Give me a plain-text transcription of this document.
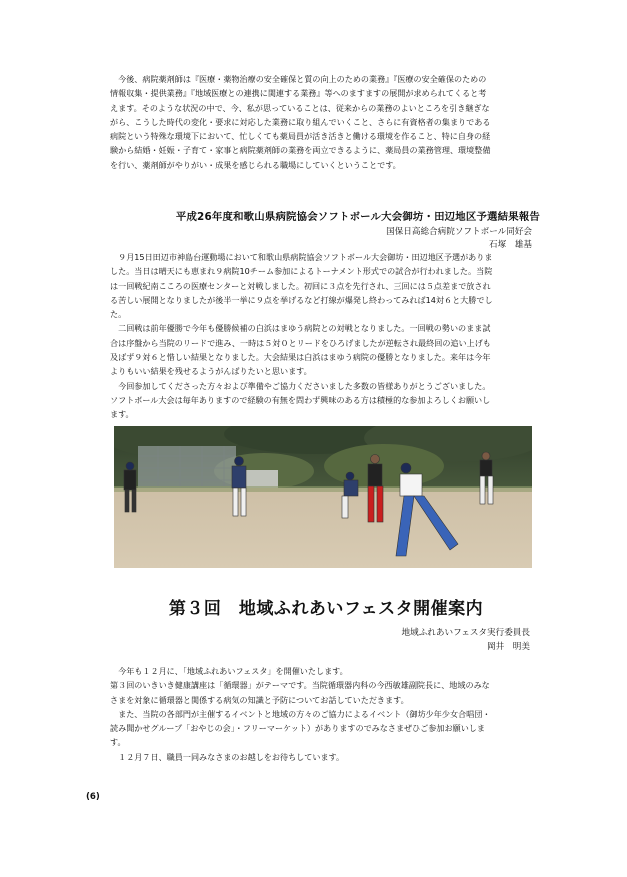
　今後、病院薬剤師は『医療・薬物治療の安全確保と質の向上のための業務』『医療の安全確保のための
情報収集・提供業務』『地域医療との連携に関連する業務』等へのますますの展開が求められてくると考
えます。そのような状況の中で、今、私が思っていることは、従来からの業務のよいところを引き継ぎな
がら、こうした時代の変化・要求に対応した業務に取り組んでいくこと、さらに有資格者の集まりである
病院という特殊な環境下において、忙しくても薬局員が活き活きと働ける環境を作ること、特に自身の経
験から結婚・妊娠・子育て・家事と病院薬剤師の業務を両立できるように、薬局員の業務管理、環境整備
を行い、薬剤師がやりがい・成果を感じられる職場にしていくということです。
平成26年度和歌山県病院協会ソフトボール大会御坊・田辺地区予選結果報告
国保日高総合病院ソフトボール同好会
石塚　雄基
　９月15日田辺市神島台運動場において和歌山県病院協会ソフトボール大会御坊・田辺地区予選がありま
した。当日は晴天にも恵まれ９病院10チーム参加によるトーナメント形式での試合が行われました。当院
は一回戦紀南こころの医療センターと対戦しました。初回に３点を先行され、三回には５点差まで放され
る苦しい展開となりましたが後半一挙に９点を挙げるなど打線が爆発し終わってみれば14対６と大勝でし
た。
　二回戦は前年優勝で今年も優勝候補の白浜はまゆう病院との対戦となりました。一回戦の勢いのまま試
合は序盤から当院のリードで進み、一時は５対０とリードをひろげましたが逆転され最終回の追い上げも
及ばず９対６と惜しい結果となりました。大会結果は白浜はまゆう病院の優勝となりました。来年は今年
よりもいい結果を残せるようがんばりたいと思います。
　今回参加してくださった方々および準備やご協力くださいました多数の皆様ありがとうございました。
ソフトボール大会は毎年ありますので経験の有無を問わず興味のある方は積極的な参加よろしくお願いし
ます。
第３回　地域ふれあいフェスタ開催案内
地域ふれあいフェスタ実行委員長
岡井　明美
　今年も１２月に、「地域ふれあいフェスタ」を開催いたします。
第３回のいきいき健康講座は「循環器」がテーマです。当院循環器内科の今西敏雄副院長に、地域のみな
さまを対象に循環器と関係する病気の知識と予防についてお話していただきます。
　また、当院の各部門が主催するイベントと地域の方々のご協力によるイベント（御坊少年少女合唱団・
読み聞かせグループ「おやじの会」・フリーマーケット）がありますのでみなさまぜひご参加お願いしま
す。
　１２月７日、職員一同みなさまのお越しをお待ちしています。
(6)
